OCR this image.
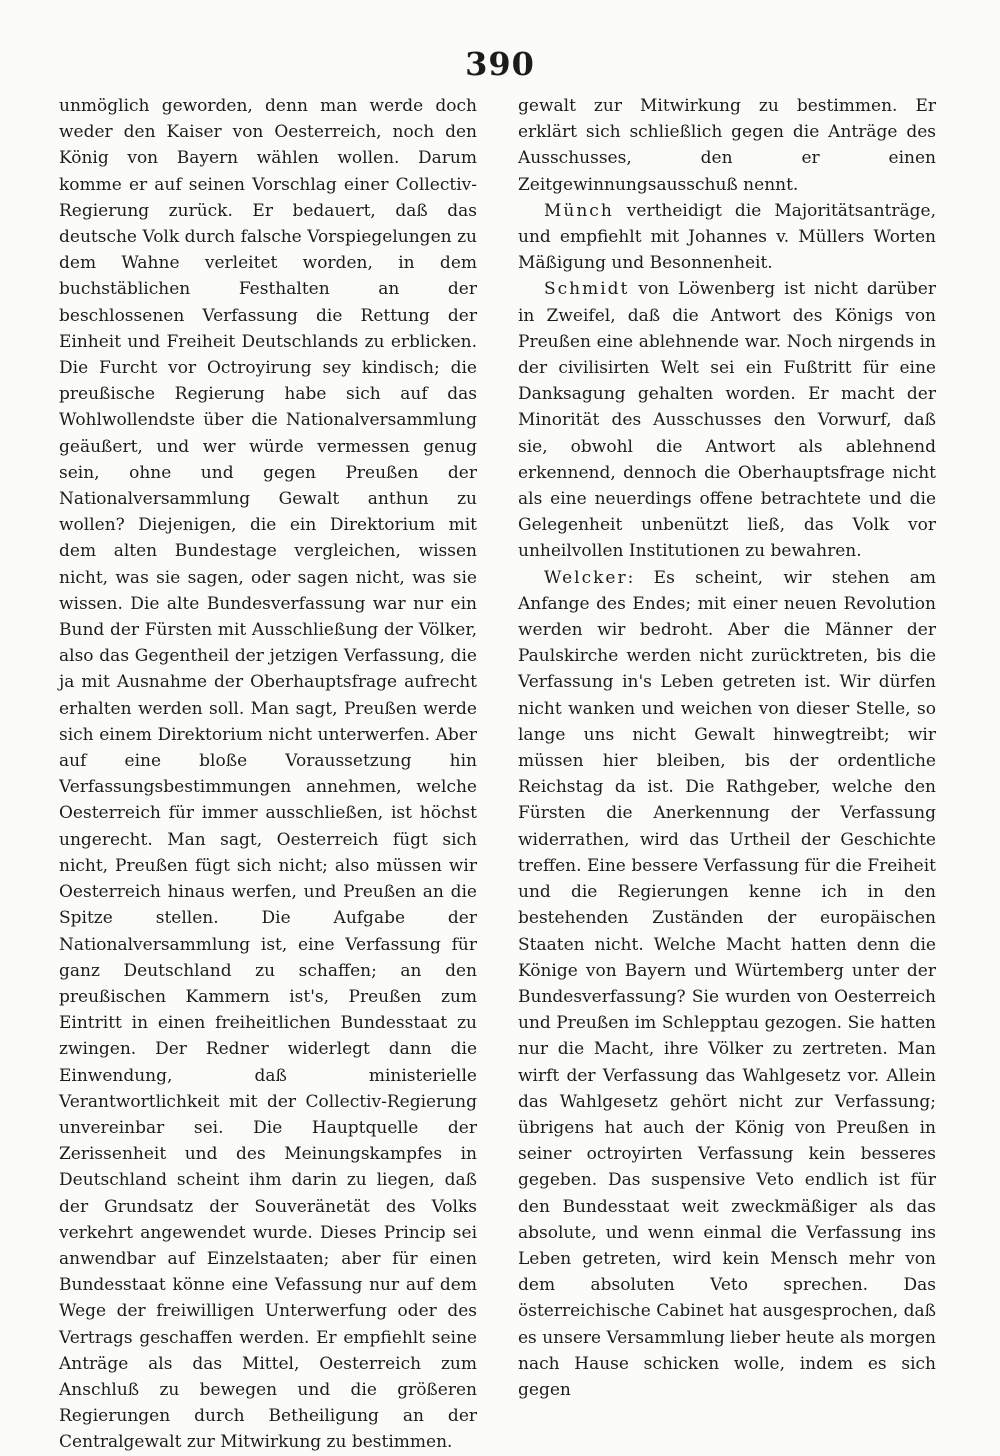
390

unmöglich geworden, denn man werde doch weder den Kaiser von Oesterreich, noch den König von Bayern wählen wollen. Darum komme er auf seinen Vorschlag einer Collectiv-Regierung zurück. Er bedauert, daß das deutsche Volk durch falsche Vorspiegelungen zu dem Wahne verleitet worden, in dem buchstäblichen Festhalten an der beschlossenen Verfassung die Rettung der Einheit und Freiheit Deutschlands zu erblicken. Die Furcht vor Octroyirung sey kindisch; die preußische Regierung habe sich auf das Wohlwollendste über die Nationalversammlung geäußert, und wer würde vermessen genug sein, ohne und gegen Preußen der Nationalversammlung Gewalt anthun zu wollen? Diejenigen, die ein Direktorium mit dem alten Bundestage vergleichen, wissen nicht, was sie sagen, oder sagen nicht, was sie wissen. Die alte Bundesverfassung war nur ein Bund der Fürsten mit Ausschließung der Völker, also das Gegentheil der jetzigen Verfassung, die ja mit Ausnahme der Oberhauptsfrage aufrecht erhalten werden soll. Man sagt, Preußen werde sich einem Direktorium nicht unterwerfen. Aber auf eine bloße Voraussetzung hin Verfassungsbestimmungen annehmen, welche Oesterreich für immer ausschließen, ist höchst ungerecht. Man sagt, Oesterreich fügt sich nicht, Preußen fügt sich nicht; also müssen wir Oesterreich hinaus werfen, und Preußen an die Spitze stellen. Die Aufgabe der Nationalversammlung ist, eine Verfassung für ganz Deutschland zu schaffen; an den preußischen Kammern ist's, Preußen zum Eintritt in einen freiheitlichen Bundesstaat zu zwingen. Der Redner widerlegt dann die Einwendung, daß ministerielle Verantwortlichkeit mit der Collectiv-Regierung unvereinbar sei. Die Hauptquelle der Zerissenheit und des Meinungskampfes in Deutschland scheint ihm darin zu liegen, daß der Grundsatz der Souveränetät des Volks verkehrt angewendet wurde. Dieses Princip sei anwendbar auf Einzelstaaten; aber für einen Bundesstaat könne eine Vefassung nur auf dem Wege der freiwilligen Unterwerfung oder des Vertrags geschaffen werden. Er empfiehlt seine Anträge als das Mittel, Oesterreich zum Anschluß zu bewegen und die größeren Regierungen durch Betheiligung an der Centralgewalt zur Mitwirkung zu bestimmen.

gewalt zur Mitwirkung zu bestimmen. Er erklärt sich schließlich gegen die Anträge des Ausschusses, den er einen Zeitgewinnungsausschuß nennt.

Münch vertheidigt die Majoritätsanträge, und empfiehlt mit Johannes v. Müllers Worten Mäßigung und Besonnenheit.

Schmidt von Löwenberg ist nicht darüber in Zweifel, daß die Antwort des Königs von Preußen eine ablehnende war. Noch nirgends in der civilisirten Welt sei ein Fußtritt für eine Danksagung gehalten worden. Er macht der Minorität des Ausschusses den Vorwurf, daß sie, obwohl die Antwort als ablehnend erkennend, dennoch die Oberhauptsfrage nicht als eine neuerdings offene betrachtete und die Gelegenheit unbenützt ließ, das Volk vor unheilvollen Institutionen zu bewahren.

Welcker: Es scheint, wir stehen am Anfange des Endes; mit einer neuen Revolution werden wir bedroht. Aber die Männer der Paulskirche werden nicht zurücktreten, bis die Verfassung in's Leben getreten ist. Wir dürfen nicht wanken und weichen von dieser Stelle, so lange uns nicht Gewalt hinwegtreibt; wir müssen hier bleiben, bis der ordentliche Reichstag da ist. Die Rathgeber, welche den Fürsten die Anerkennung der Verfassung widerrathen, wird das Urtheil der Geschichte treffen. Eine bessere Verfassung für die Freiheit und die Regierungen kenne ich in den bestehenden Zuständen der europäischen Staaten nicht. Welche Macht hatten denn die Könige von Bayern und Würtemberg unter der Bundesverfassung? Sie wurden von Oesterreich und Preußen im Schlepptau gezogen. Sie hatten nur die Macht, ihre Völker zu zertreten. Man wirft der Verfassung das Wahlgesetz vor. Allein das Wahlgesetz gehört nicht zur Verfassung; übrigens hat auch der König von Preußen in seiner octroyirten Verfassung kein besseres gegeben. Das suspensive Veto endlich ist für den Bundesstaat weit zweckmäßiger als das absolute, und wenn einmal die Verfassung ins Leben getreten, wird kein Mensch mehr von dem absoluten Veto sprechen. Das österreichische Cabinet hat ausgesprochen, daß es unsere Versammlung lieber heute als morgen nach Hause schicken wolle, indem es sich gegen
